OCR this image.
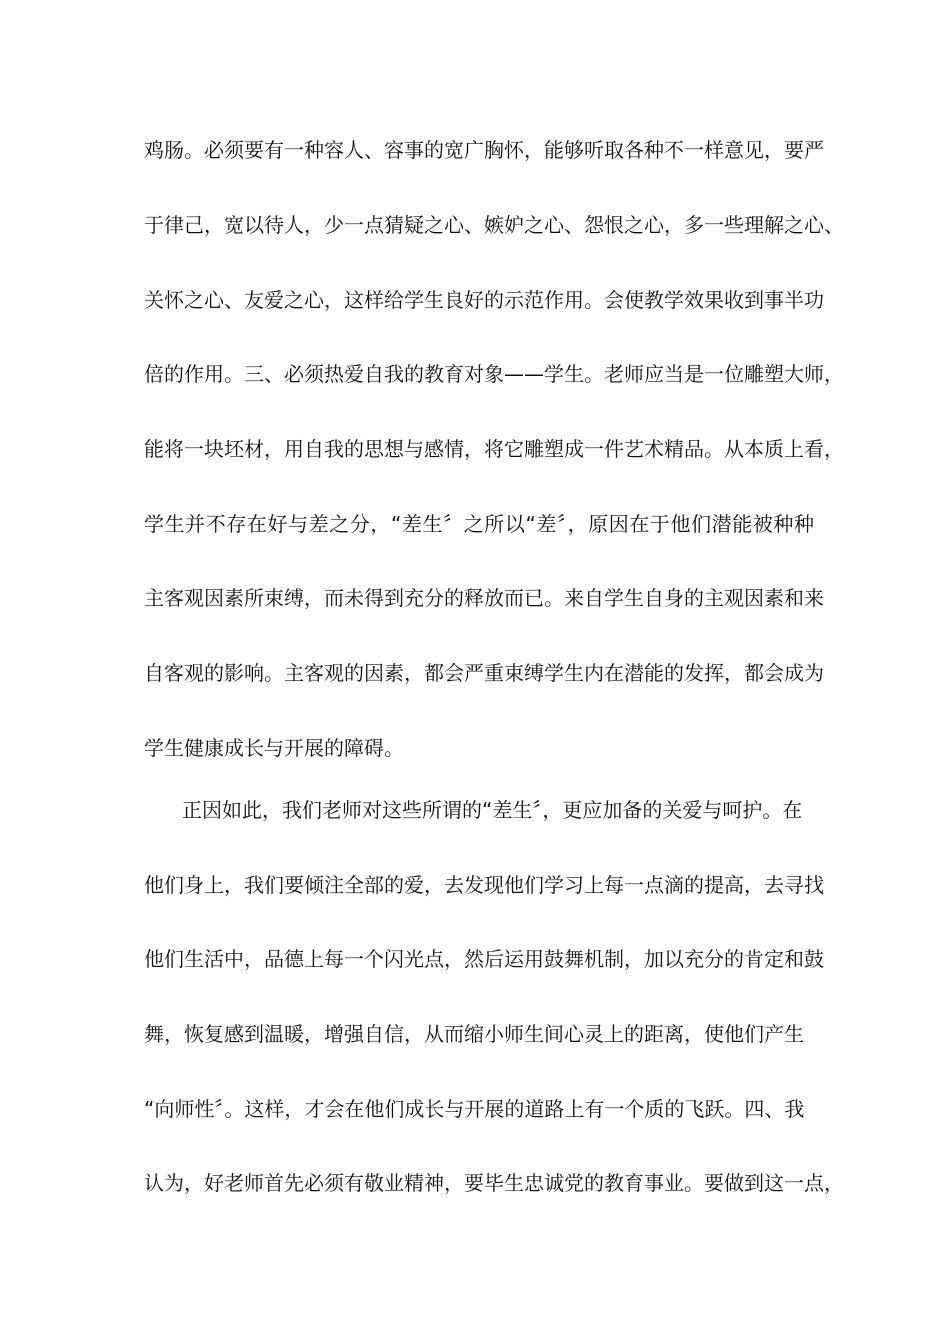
鸡肠。必须要有一种容人、容事的宽广胸怀，能够听取各种不一样意见，要严
于律己，宽以待人，少一点猜疑之心、嫉妒之心、怨恨之心，多一些理解之心、
关怀之心、友爱之心，这样给学生良好的示范作用。会使教学效果收到事半功
倍的作用。三、必须热爱自我的教育对象——学生。老师应当是一位雕塑大师，
能将一块坯材，用自我的思想与感情，将它雕塑成一件艺术精品。从本质上看，
学生并不存在好与差之分，“差生〞之所以“差〞，原因在于他们潜能被种种
主客观因素所束缚，而未得到充分的释放而已。来自学生自身的主观因素和来
自客观的影响。主客观的因素，都会严重束缚学生内在潜能的发挥，都会成为
学生健康成长与开展的障碍。
正因如此，我们老师对这些所谓的“差生〞，更应加备的关爱与呵护。在
他们身上，我们要倾注全部的爱，去发现他们学习上每一点滴的提高，去寻找
他们生活中，品德上每一个闪光点，然后运用鼓舞机制，加以充分的肯定和鼓
舞，恢复感到温暖，增强自信，从而缩小师生间心灵上的距离，使他们产生
“向师性〞。这样，才会在他们成长与开展的道路上有一个质的飞跃。四、我
认为，好老师首先必须有敬业精神，要毕生忠诚党的教育事业。要做到这一点，
